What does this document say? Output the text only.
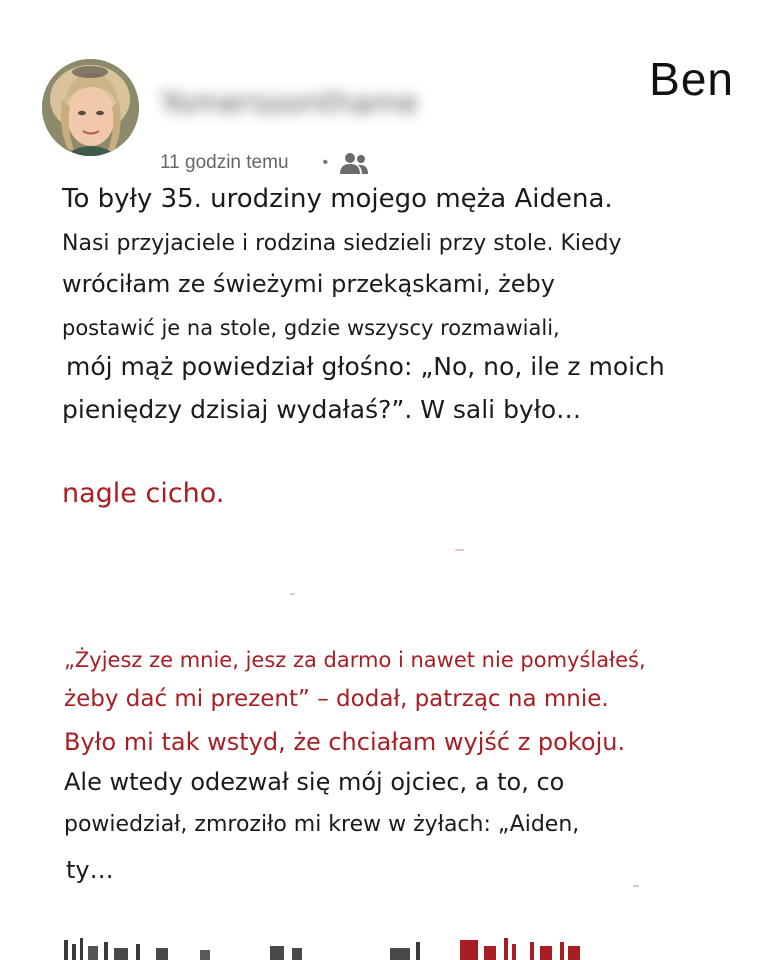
Yomerssonthame	Ben
11 godzin temu •
To były 35. urodziny mojego męża Aidena.
Nasi przyjaciele i rodzina siedzieli przy stole. Kiedy
wróciłam ze świeżymi przekąskami, żeby
postawić je na stole, gdzie wszyscy rozmawiali,
mój mąż powiedział głośno: „No, no, ile z moich
pieniędzy dzisiaj wydałaś?”. W sali było…
nagle cicho.
„Żyjesz ze mnie, jesz za darmo i nawet nie pomyślałeś,
żeby dać mi prezent” – dodał, patrząc na mnie.
Było mi tak wstyd, że chciałam wyjść z pokoju.
Ale wtedy odezwał się mój ojciec, a to, co
powiedział, zmroziło mi krew w żyłach: „Aiden,
ty…
